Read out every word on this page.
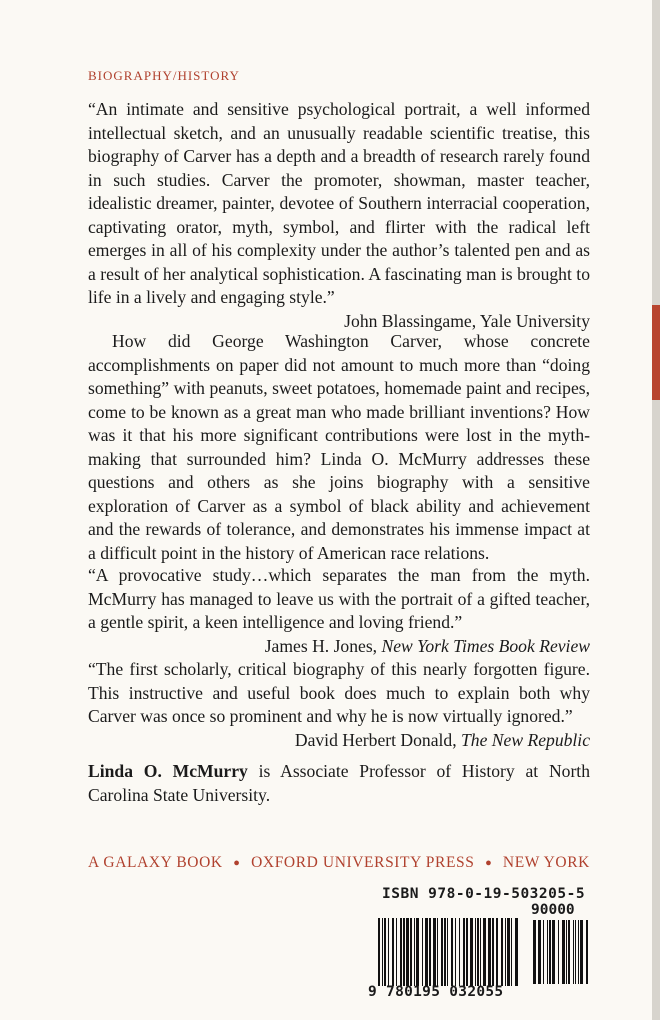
BIOGRAPHY/HISTORY

“An intimate and sensitive psychological portrait, a well informed intellectual sketch, and an unusually readable scientific treatise, this biography of Carver has a depth and a breadth of research rarely found in such studies. Carver the promoter, showman, master teacher, idealistic dreamer, painter, devotee of Southern interracial cooperation, captivating orator, myth, symbol, and flirter with the radical left emerges in all of his complexity under the author’s talented pen and as a result of her analytical sophistication. A fascinating man is brought to life in a lively and engaging style.”

John Blassingame, Yale University

How did George Washington Carver, whose concrete accomplishments on paper did not amount to much more than “doing something” with peanuts, sweet potatoes, homemade paint and recipes, come to be known as a great man who made brilliant inventions? How was it that his more significant contributions were lost in the myth-making that surrounded him? Linda O. McMurry addresses these questions and others as she joins biography with a sensitive exploration of Carver as a symbol of black ability and achievement and the rewards of tolerance, and demonstrates his immense impact at a difficult point in the history of American race relations.

“A provocative study…which separates the man from the myth. McMurry has managed to leave us with the portrait of a gifted teacher, a gentle spirit, a keen intelligence and loving friend.”

James H. Jones, New York Times Book Review

“The first scholarly, critical biography of this nearly forgotten figure. This instructive and useful book does much to explain both why Carver was once so prominent and why he is now virtually ignored.”

David Herbert Donald, The New Republic

Linda O. McMurry is Associate Professor of History at North Carolina State University.

A GALAXY BOOK ● OXFORD UNIVERSITY PRESS ● NEW YORK
ISBN 978-0-19-503205-5
90000
9 780195 032055
